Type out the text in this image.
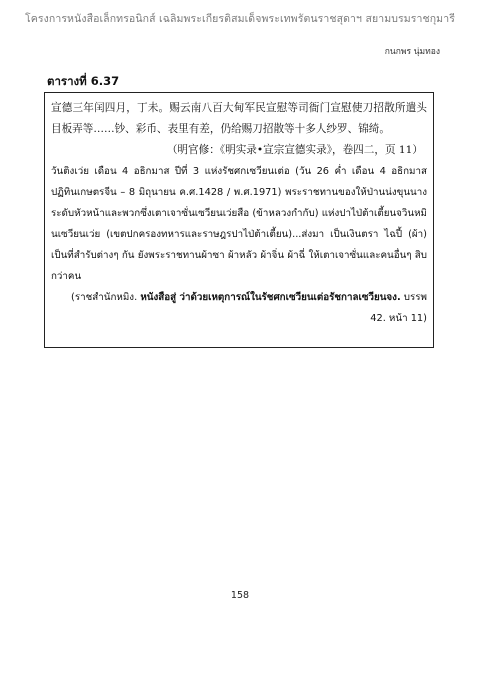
โครงการหนังสือเล็กทรอนิกส์ เฉลิมพระเกียรติสมเด็จพระเทพรัตนราชสุดาฯ สยามบรมราชกุมารี
กนกพร นุ่มทอง
ตารางที่ 6.37
宣德三年闰四月，丁未。赐云南八百大甸军民宣慰等司衙门宣慰使刀招散所遣头目板弄等……钞、彩币、表里有差，仍给赐刀招散等十多人纱罗、锦绮。
（明官修：《明实录•宣宗宣德实录》，卷四二，页 11）
วันติงเว่ย เดือน 4 อธิกมาส ปีที่ 3 แห่งรัชศกเซวียนเต่อ (วัน 26 ค่ำ เดือน 4 อธิกมาส ปฏิทินเกษตรจีน – 8 มิถุนายน ค.ศ.1428 / พ.ศ.1971) พระราชทานของให้ป่านน่งขุนนางระดับหัวหน้าและพวกซึ่งเตาเจาซั่นเซวียนเว่ยสือ (ข้าหลวงกำกับ) แห่งปาไป่ต้าเตี้ยนจวินหมินเซวียนเว่ย (เขตปกครองทหารและราษฎรปาไป่ต้าเตี้ยน)...ส่งมา เป็นเงินตรา ไฉปี้ (ผ้า) เป็นที่สำรับต่างๆ กัน ยังพระราชทานผ้าซา ผ้าหลัว ผ้าจิ่น ผ้าฉี่ ให้เตาเจาซั่นและคนอื่นๆ สิบกว่าคน
(ราชสำนักหมิง. หนังสือสู่ ว่าด้วยเหตุการณ์ในรัชศกเซวียนเต่อรัชกาลเซวียนจง. บรรพ 42. หน้า 11)
158
